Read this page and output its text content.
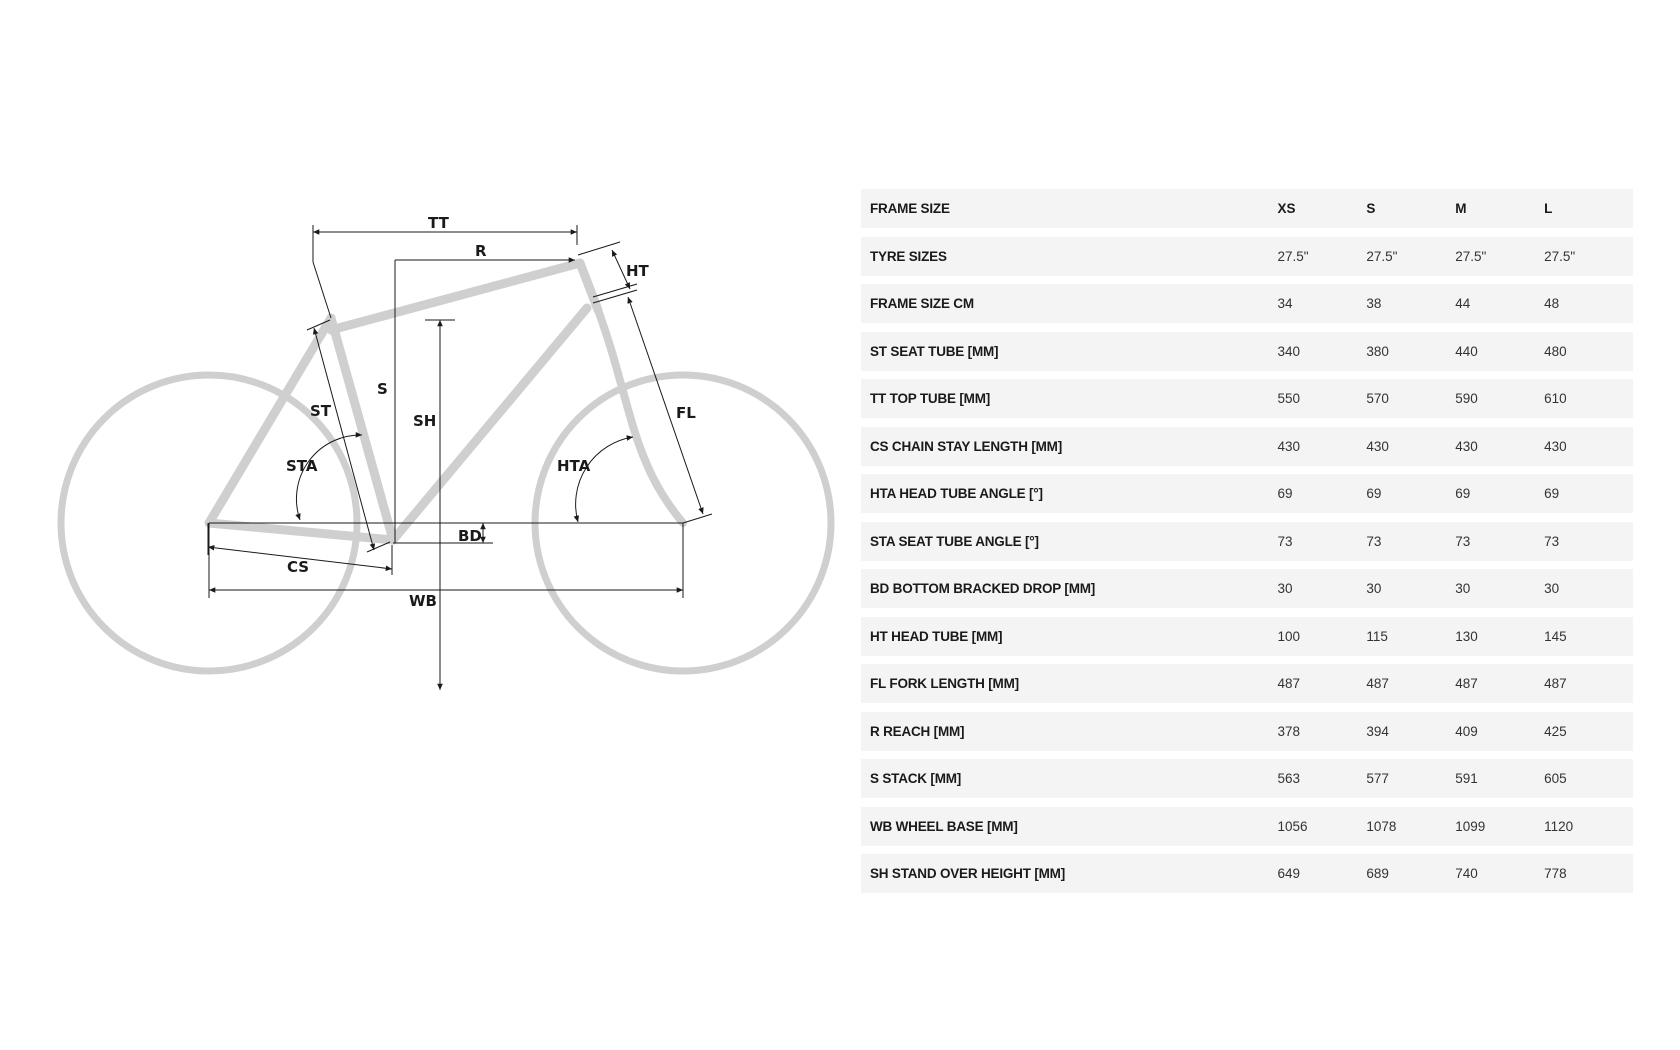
TT
R
HT
S
SH
ST	FL
STA	HTA
BD
CS
WB
FRAME SIZE	XS	S	M	L
TYRE SIZES	27.5"	27.5"	27.5"	27.5"
FRAME SIZE CM	34	38	44	48
ST SEAT TUBE [MM]	340	380	440	480
TT TOP TUBE [MM]	550	570	590	610
CS CHAIN STAY LENGTH [MM]	430	430	430	430
HTA HEAD TUBE ANGLE [°]	69	69	69	69
STA SEAT TUBE ANGLE [°]	73	73	73	73
BD BOTTOM BRACKED DROP [MM]	30	30	30	30
HT HEAD TUBE [MM]	100	115	130	145
FL FORK LENGTH [MM]	487	487	487	487
R REACH [MM]	378	394	409	425
S STACK [MM]	563	577	591	605
WB WHEEL BASE [MM]	1056	1078	1099	1120
SH STAND OVER HEIGHT [MM]	649	689	740	778
